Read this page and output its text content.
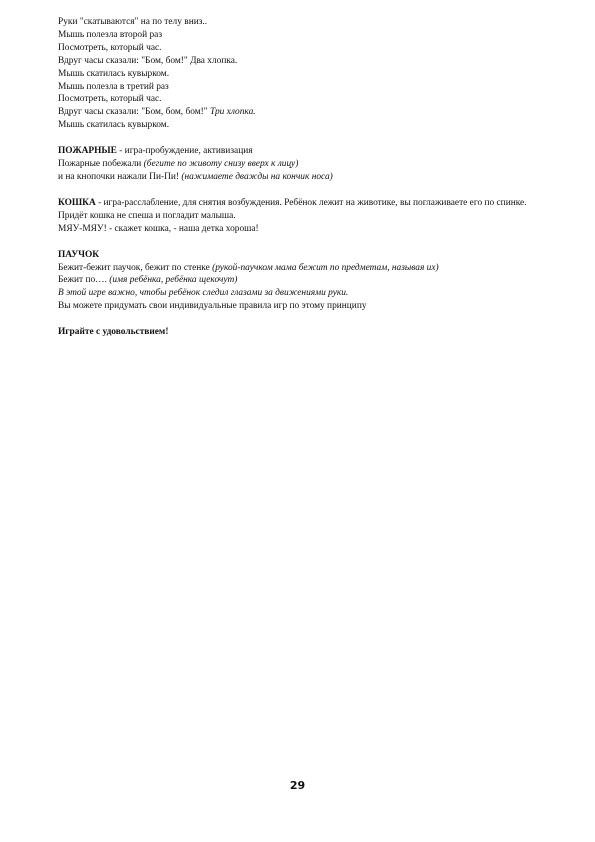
Руки "скатываются" на по телу вниз..
Мышь полезла второй раз
Посмотреть, который час.
Вдруг часы сказали: "Бом, бом!" Два хлопка.
Мышь скатилась кувырком.
Мышь полезла в третий раз
Посмотреть, который час.
Вдруг часы сказали: "Бом, бом, бом!" Три хлопка.
Мышь скатилась кувырком.
ПОЖАРНЫЕ - игра-пробуждение, активизация
Пожарные побежали (бегите по животу снизу вверх к лицу)
и на кнопочки нажали Пи-Пи! (нажимаете дважды на кончик носа)
КОШКА - игра-расслабление, для снятия возбуждения. Ребёнок лежит на животике, вы поглаживаете его по спинке.
Придёт кошка не спеша и погладит малыша.
МЯУ-МЯУ! - скажет кошка, - наша детка хороша!
ПАУЧОК
Бежит-бежит паучок, бежит по стенке (рукой-паучком мама бежит по предметам, называя их)
Бежит по…. (имя ребёнка, ребёнка щекочут)
В этой игре важно, чтобы ребёнок следил глазами за движениями руки.
Вы можете придумать свои индивидуальные правила игр по этому принципу
Играйте с удовольствием!
29
